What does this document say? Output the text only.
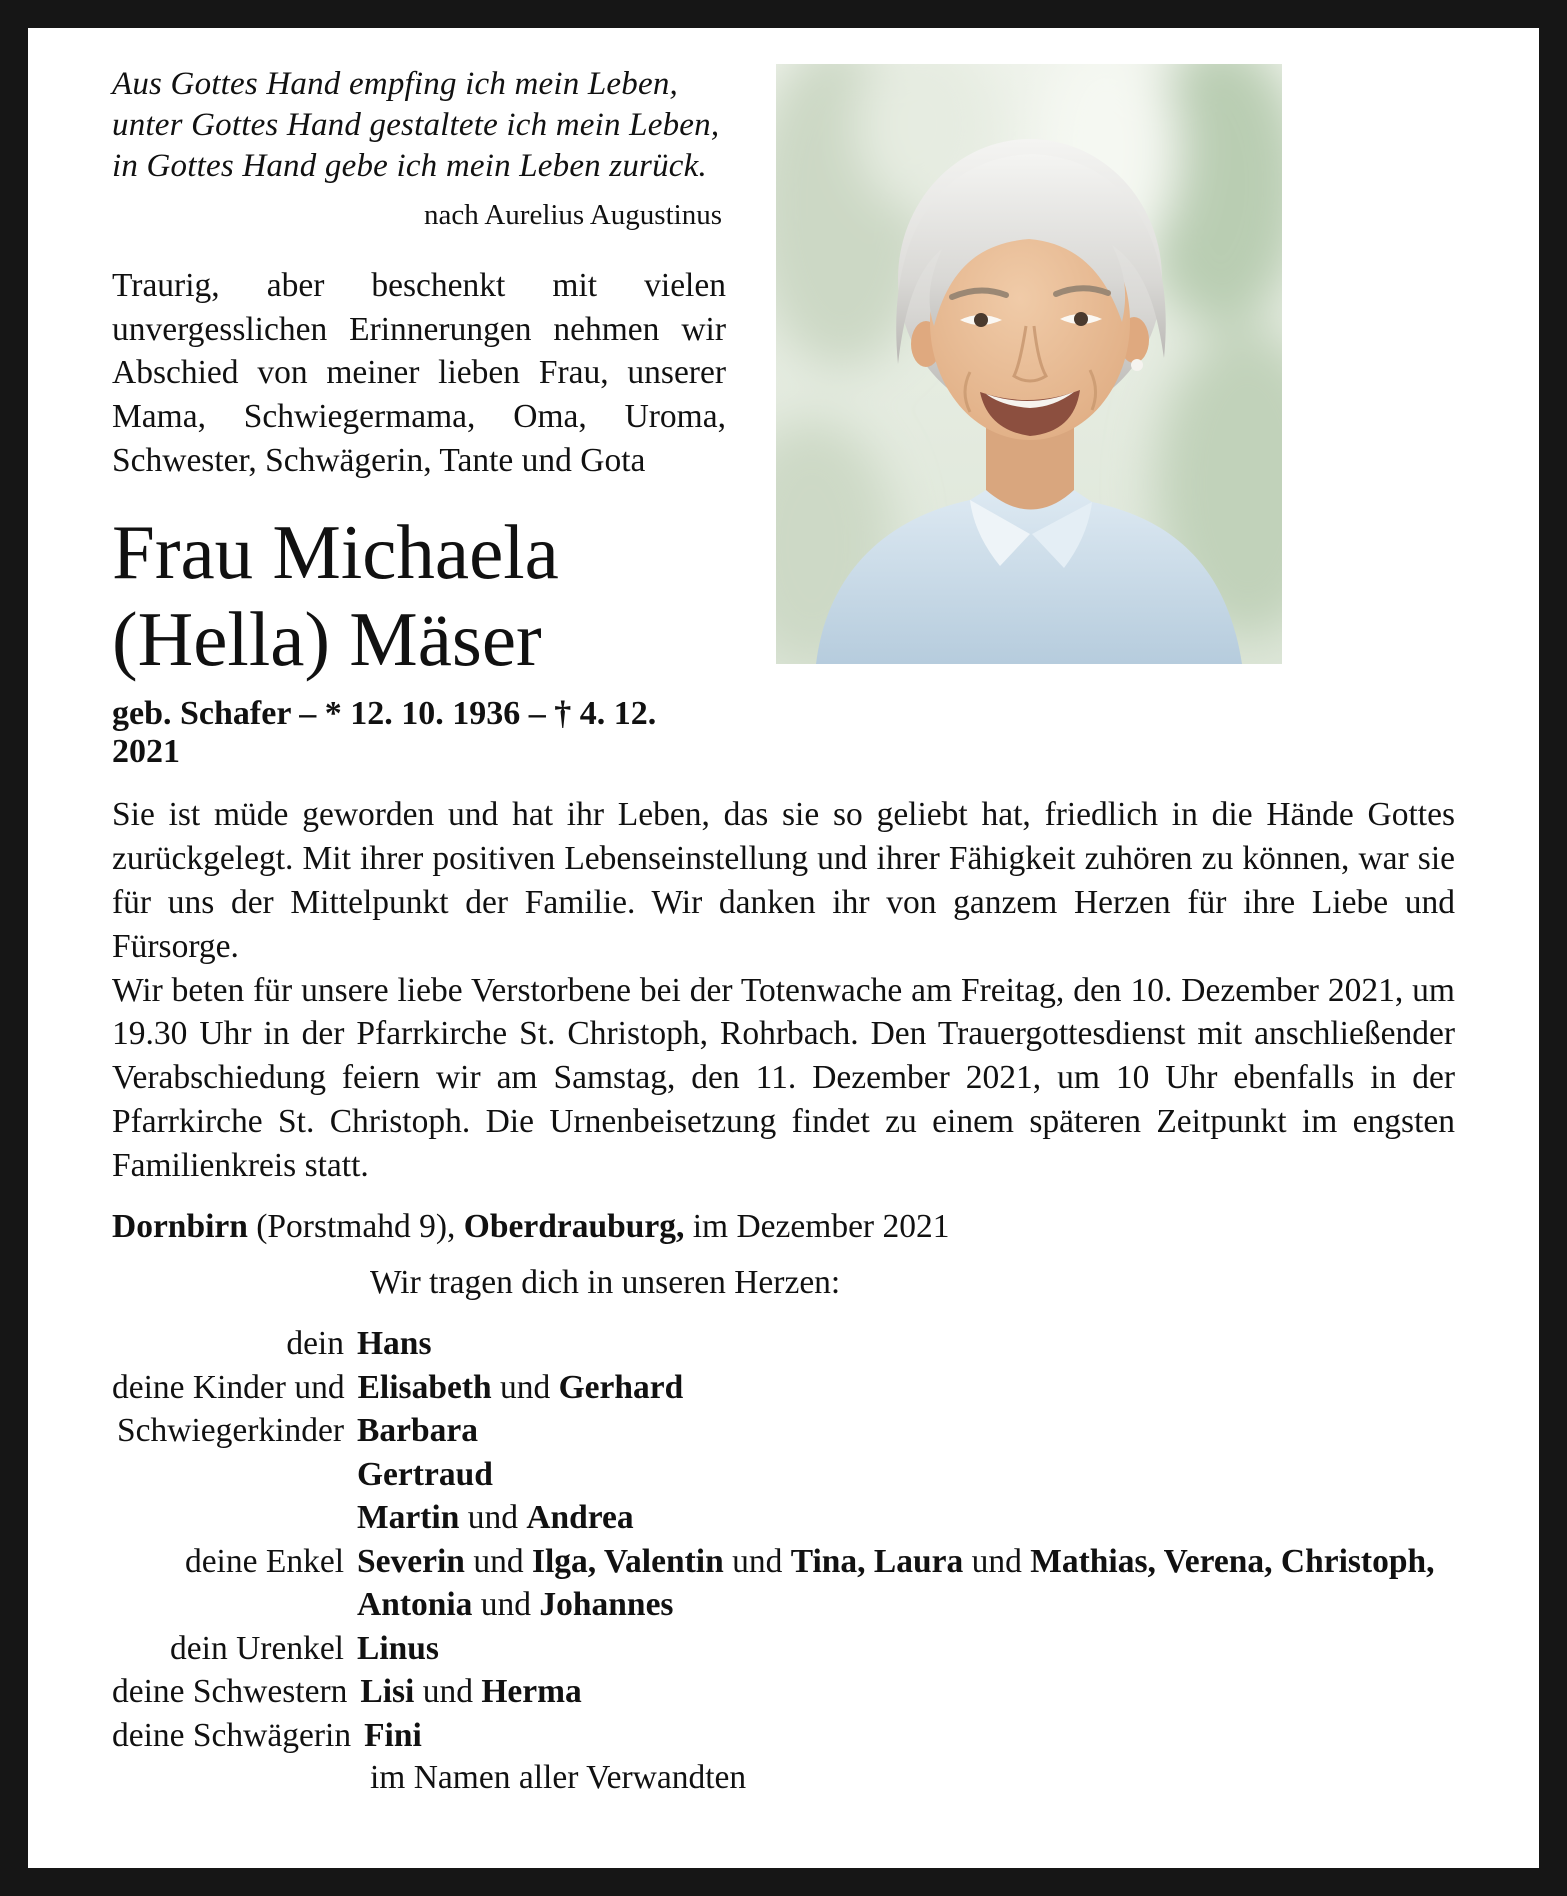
Aus Gottes Hand empfing ich mein Leben,
unter Gottes Hand gestaltete ich mein Leben,
in Gottes Hand gebe ich mein Leben zurück.
nach Aurelius Augustinus

Traurig, aber beschenkt mit vielen unvergesslichen Erinnerungen nehmen wir Abschied von meiner lieben Frau, unserer Mama, Schwiegermama, Oma, Uroma, Schwester, Schwägerin, Tante und Gota

Frau Michaela
(Hella) Mäser
geb. Schafer – * 12. 10. 1936 – † 4. 12. 2021

Sie ist müde geworden und hat ihr Leben, das sie so geliebt hat, friedlich in die Hände Gottes zurückgelegt. Mit ihrer positiven Lebenseinstellung und ihrer Fähigkeit zuhören zu können, war sie für uns der Mittelpunkt der Familie. Wir danken ihr von ganzem Herzen für ihre Liebe und Fürsorge.

Wir beten für unsere liebe Verstorbene bei der Totenwache am Freitag, den 10. Dezember 2021, um 19.30 Uhr in der Pfarrkirche St. Christoph, Rohrbach. Den Trauergottesdienst mit anschließender Verabschiedung feiern wir am Samstag, den 11. Dezember 2021, um 10 Uhr ebenfalls in der Pfarrkirche St. Christoph. Die Urnenbeisetzung findet zu einem späteren Zeitpunkt im engsten Familienkreis statt.

Dornbirn (Porstmahd 9), Oberdrauburg, im Dezember 2021

Wir tragen dich in unseren Herzen:

dein Hans
deine Kinder und Elisabeth und Gerhard
Schwiegerkinder Barbara
Gertraud
Martin und Andrea
deine Enkel Severin und Ilga, Valentin und Tina, Laura und Mathias, Verena, Christoph, Antonia und Johannes
dein Urenkel Linus
deine Schwestern Lisi und Herma
deine Schwägerin Fini

im Namen aller Verwandten
